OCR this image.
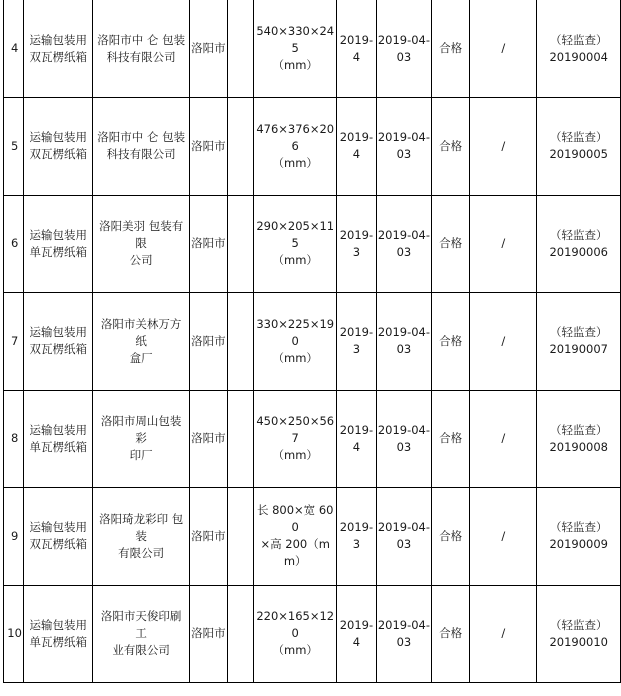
4	运输包装用
双瓦楞纸箱	洛阳市中 仑 包装
科技有限公司	洛阳市		540×330×245
（mm）	2019-4	2019-04-03	合格	/	（轻监查）
20190004

5	运输包装用
双瓦楞纸箱	洛阳市中 仑 包装
科技有限公司	洛阳市		476×376×206
（mm）	2019-4	2019-04-03	合格	/	（轻监查）
20190005

6	运输包装用
单瓦楞纸箱	洛阳美羽 包装有限
公司	洛阳市		290×205×115
（mm）	2019-3	2019-04-03	合格	/	（轻监查）
20190006

7	运输包装用
双瓦楞纸箱	洛阳市关林万方纸
盒厂	洛阳市		330×225×190
（mm）	2019-3	2019-04-03	合格	/	（轻监查）
20190007

8	运输包装用
单瓦楞纸箱	洛阳市周山包装彩
印厂	洛阳市		450×250×567
（mm）	2019-4	2019-04-03	合格	/	（轻监查）
20190008

9	运输包装用
双瓦楞纸箱	洛阳琦龙彩印 包装
有限公司	洛阳市		长 800×宽 600
×高 200（mm）	2019-3	2019-04-03	合格	/	（轻监查）
20190009

10	运输包装用
单瓦楞纸箱	洛阳市天俊印刷工
业有限公司	洛阳市		220×165×120
（mm）	2019-4	2019-04-03	合格	/	（轻监查）
20190010
